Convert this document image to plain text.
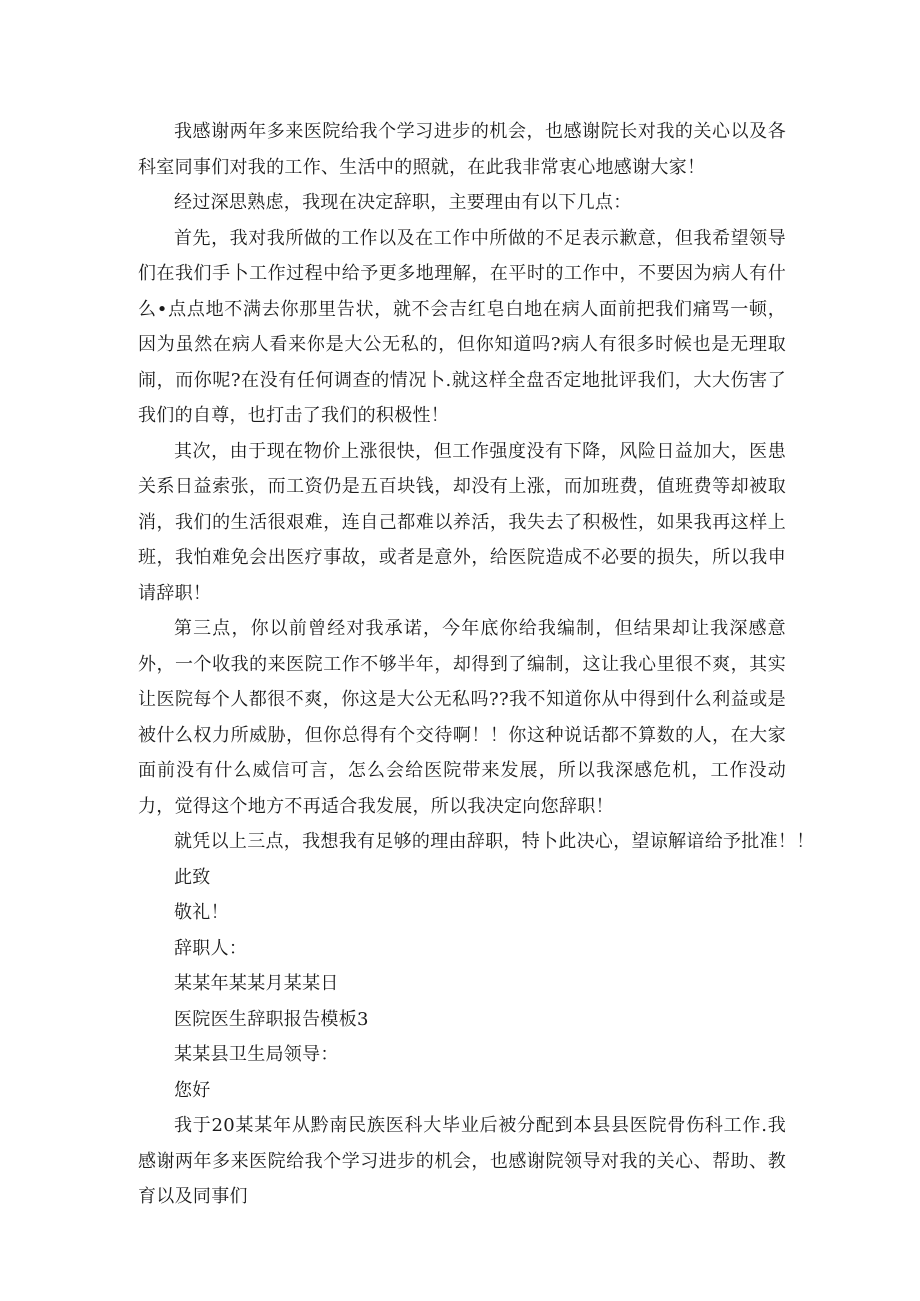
我感谢两年多来医院给我个学习进步的机会，也感谢院长对我的关心以及各科室同事们对我的工作、生活中的照就，在此我非常衷心地感谢大家！

经过深思熟虑，我现在决定辞职，主要理由有以下几点：

首先，我对我所做的工作以及在工作中所做的不足表示歉意，但我希望领导们在我们手卜工作过程中给予更多地理解，在平时的工作中，不要因为病人有什么•点点地不满去你那里告状，就不会吉红皂白地在病人面前把我们痛骂一顿，因为虽然在病人看来你是大公无私的，但你知道吗?病人有很多时候也是无理取闹，而你呢?在没有任何调查的情况卜.就这样全盘否定地批评我们，大大伤害了我们的自尊，也打击了我们的积极性！

其次，由于现在物价上涨很快，但工作强度没有下降，风险日益加大，医患关系日益索张，而工资仍是五百块钱，却没有上涨，而加班费，值班费等却被取消，我们的生活很艰难，连自己都难以养活，我失去了积极性，如果我再这样上班，我怕难免会出医疗事故，或者是意外，给医院造成不必要的损失，所以我申请辞职！

第三点，你以前曾经对我承诺，今年底你给我编制，但结果却让我深感意外，一个收我的来医院工作不够半年，却得到了编制，这让我心里很不爽，其实让医院每个人都很不爽，你这是大公无私吗??我不知道你从中得到什么利益或是被什么权力所威胁，但你总得有个交待啊！！你这种说话都不算数的人，在大家面前没有什么威信可言，怎么会给医院带来发展，所以我深感危机，工作没动力，觉得这个地方不再适合我发展，所以我决定向您辞职！

就凭以上三点，我想我有足够的理由辞职，特卜此决心，望谅解谙给予批准！！

此致

敬礼！

辞职人：

某某年某某月某某日

医院医生辞职报告模板3

某某县卫生局领导：

您好

我于20某某年从黔南民族医科大毕业后被分配到本县县医院骨伤科工作.我感谢两年多来医院给我个学习进步的机会，也感谢院领导对我的关心、帮助、教育以及同事们
